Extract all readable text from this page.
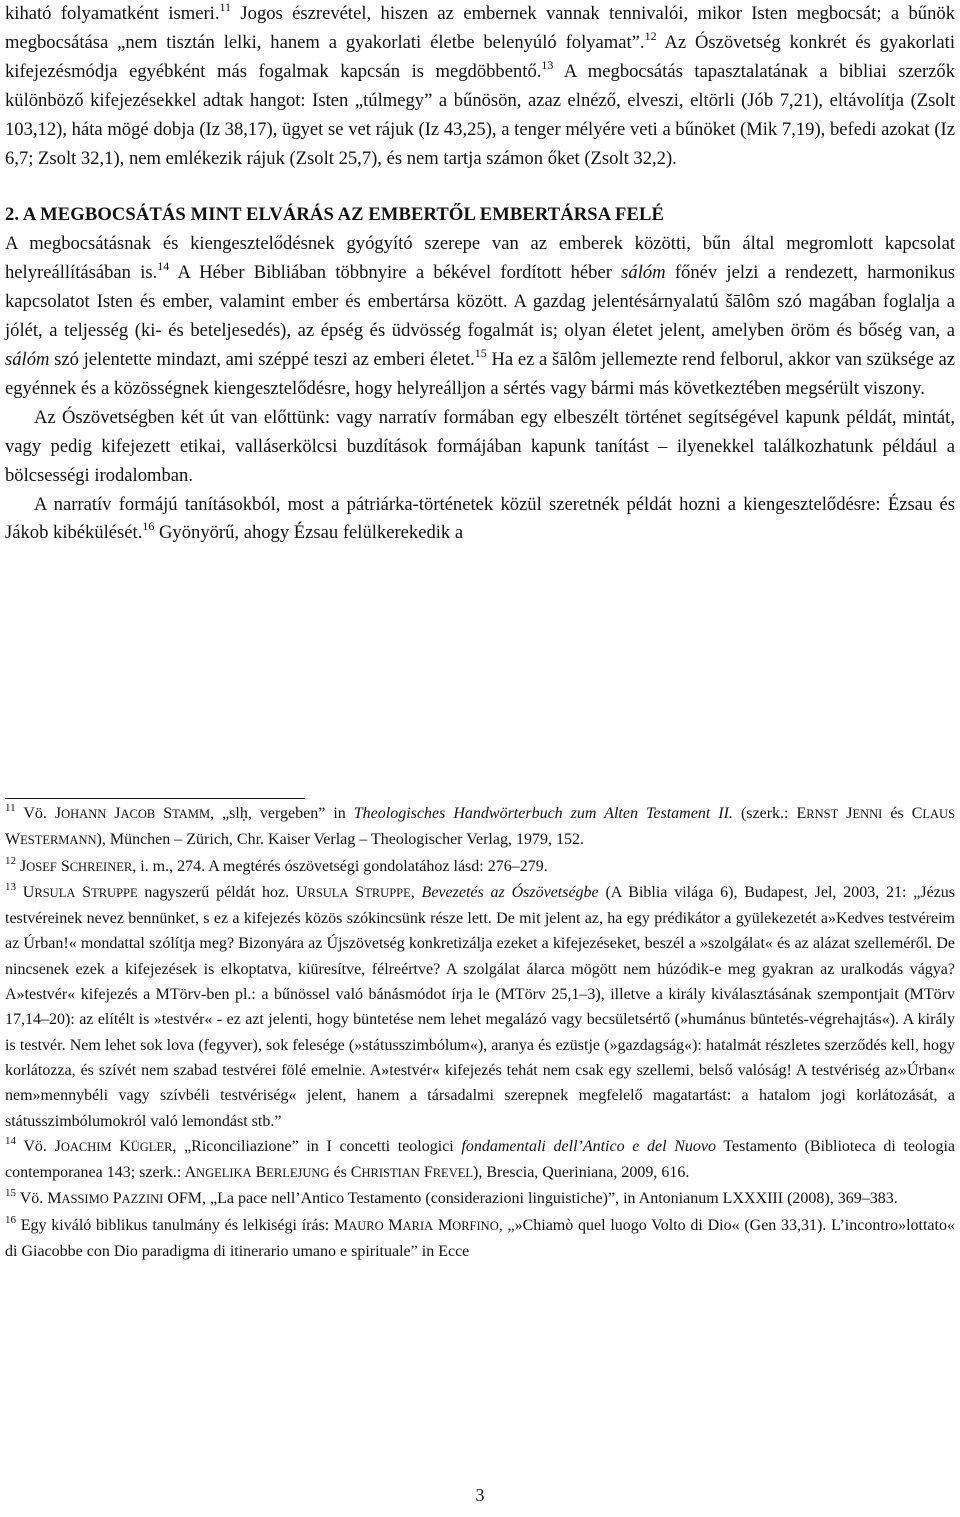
kiható folyamatként ismeri.$^{11}$ Jogos észrevétel, hiszen az embernek vannak tennivalói, mikor Isten megbocsát; a bűnök megbocsátása „nem tisztán lelki, hanem a gyakorlati életbe belenyúló folyamat”.$^{12}$ Az Ószövetség konkrét és gyakorlati kifejezésmódja egyébként más fogalmak kapcsán is megdöbbentő.$^{13}$ A megbocsátás tapasztalatának a bibliai szerzők különböző kifejezésekkel adtak hangot: Isten „túlmegy” a bűnösön, azaz elnéző, elveszi, eltörli (Jób 7,21), eltávolítja (Zsolt 103,12), háta mögé dobja (Iz 38,17), ügyet se vet rájuk (Iz 43,25), a tenger mélyére veti a bűnöket (Mik 7,19), befedi azokat (Iz 6,7; Zsolt 32,1), nem emlékezik rájuk (Zsolt 25,7), és nem tartja számon őket (Zsolt 32,2).

2. A MEGBOCSÁTÁS MINT ELVÁRÁS AZ EMBERTŐL EMBERTÁRSA FELÉ

A megbocsátásnak és kiengesztelődésnek gyógyító szerepe van az emberek közötti, bűn által megromlott kapcsolat helyreállításában is.$^{14}$ A Héber Bibliában többnyire a békével fordított héber sálóm főnév jelzi a rendezett, harmonikus kapcsolatot Isten és ember, valamint ember és embertársa között. A gazdag jelentésárnyalatú šālôm szó magában foglalja a jólét, a teljesség (ki- és beteljesedés), az épség és üdvösség fogalmát is; olyan életet jelent, amelyben öröm és bőség van, a sálóm szó jelentette mindazt, ami széppé teszi az emberi életet.$^{15}$ Ha ez a šālôm jellemezte rend felborul, akkor van szüksége az egyénnek és a közösségnek kiengesztelődésre, hogy helyreálljon a sértés vagy bármi más következtében megsérült viszony.

Az Ószövetségben két út van előttünk: vagy narratív formában egy elbeszélt történet segítségével kapunk példát, mintát, vagy pedig kifejezett etikai, valláserkölcsi buzdítások formájában kapunk tanítást – ilyenekkel találkozhatunk például a bölcsességi irodalomban.

A narratív formájú tanításokból, most a pátriárka-történetek közül szeretnék példát hozni a kiengesztelődésre: Ézsau és Jákob kibékülését.$^{16}$ Gyönyörű, ahogy Ézsau felülkerekedik a

$^{11}$ Vö. JOHANN JACOB STAMM, „slḥ, vergeben” in Theologisches Handwörterbuch zum Alten Testament II. (szerk.: ERNST JENNI és CLAUS WESTERMANN), München – Zürich, Chr. Kaiser Verlag – Theologischer Verlag, 1979, 152.

$^{12}$ JOSEF SCHREINER, i. m., 274. A megtérés ószövetségi gondolatához lásd: 276–279.

$^{13}$ URSULA STRUPPE nagyszerű példát hoz. URSULA STRUPPE, Bevezetés az Ószövetségbe (A Biblia világa 6), Budapest, Jel, 2003, 21: „Jézus testvéreinek nevez bennünket, s ez a kifejezés közös szókincsünk része lett. De mit jelent az, ha egy prédikátor a gyülekezetét a»Kedves testvéreim az Úrban!« mondattal szólítja meg? Bizonyára az Újszövetség konkretizálja ezeket a kifejezéseket, beszél a »szolgálat« és az alázat szelleméről. De nincsenek ezek a kifejezések is elkoptatva, kiüresítve, félreértve? A szolgálat álarca mögött nem húzódik-e meg gyakran az uralkodás vágya? A»testvér« kifejezés a MTörv-ben pl.: a bűnössel való bánásmódot írja le (MTörv 25,1–3), illetve a király kiválasztásának szempontjait (MTörv 17,14–20): az elítélt is »testvér« - ez azt jelenti, hogy büntetése nem lehet megalázó vagy becsületsértő (»humánus büntetés-végrehajtás«). A király is testvér. Nem lehet sok lova (fegyver), sok felesége (»státusszimbólum«), aranya és ezüstje (»gazdagság«): hatalmát részletes szerződés kell, hogy korlátozza, és szívét nem szabad testvérei fölé emelnie. A»testvér« kifejezés tehát nem csak egy szellemi, belső valóság! A testvériség az»Úrban« nem»mennybéli vagy szívbéli testvériség« jelent, hanem a társadalmi szerepnek megfelelő magatartást: a hatalom jogi korlátozását, a státusszimbólumokról való lemondást stb.”

$^{14}$ Vö. JOACHIM KÜGLER, „Riconciliazione” in I concetti teologici fondamentali dell’Antico e del Nuovo Testamento (Biblioteca di teologia contemporanea 143; szerk.: ANGELIKA BERLEJUNG és CHRISTIAN FREVEL), Brescia, Queriniana, 2009, 616.

$^{15}$ Vö. MASSIMO PAZZINI OFM, „La pace nell’Antico Testamento (considerazioni linguistiche)”, in Antonianum LXXXIII (2008), 369–383.

$^{16}$ Egy kiváló biblikus tanulmány és lelkiségi írás: MAURO MARIA MORFINO, „»Chiamò quel luogo Volto di Dio« (Gen 33,31). L’incontro»lottato« di Giacobbe con Dio paradigma di itinerario umano e spirituale” in Ecce

3
